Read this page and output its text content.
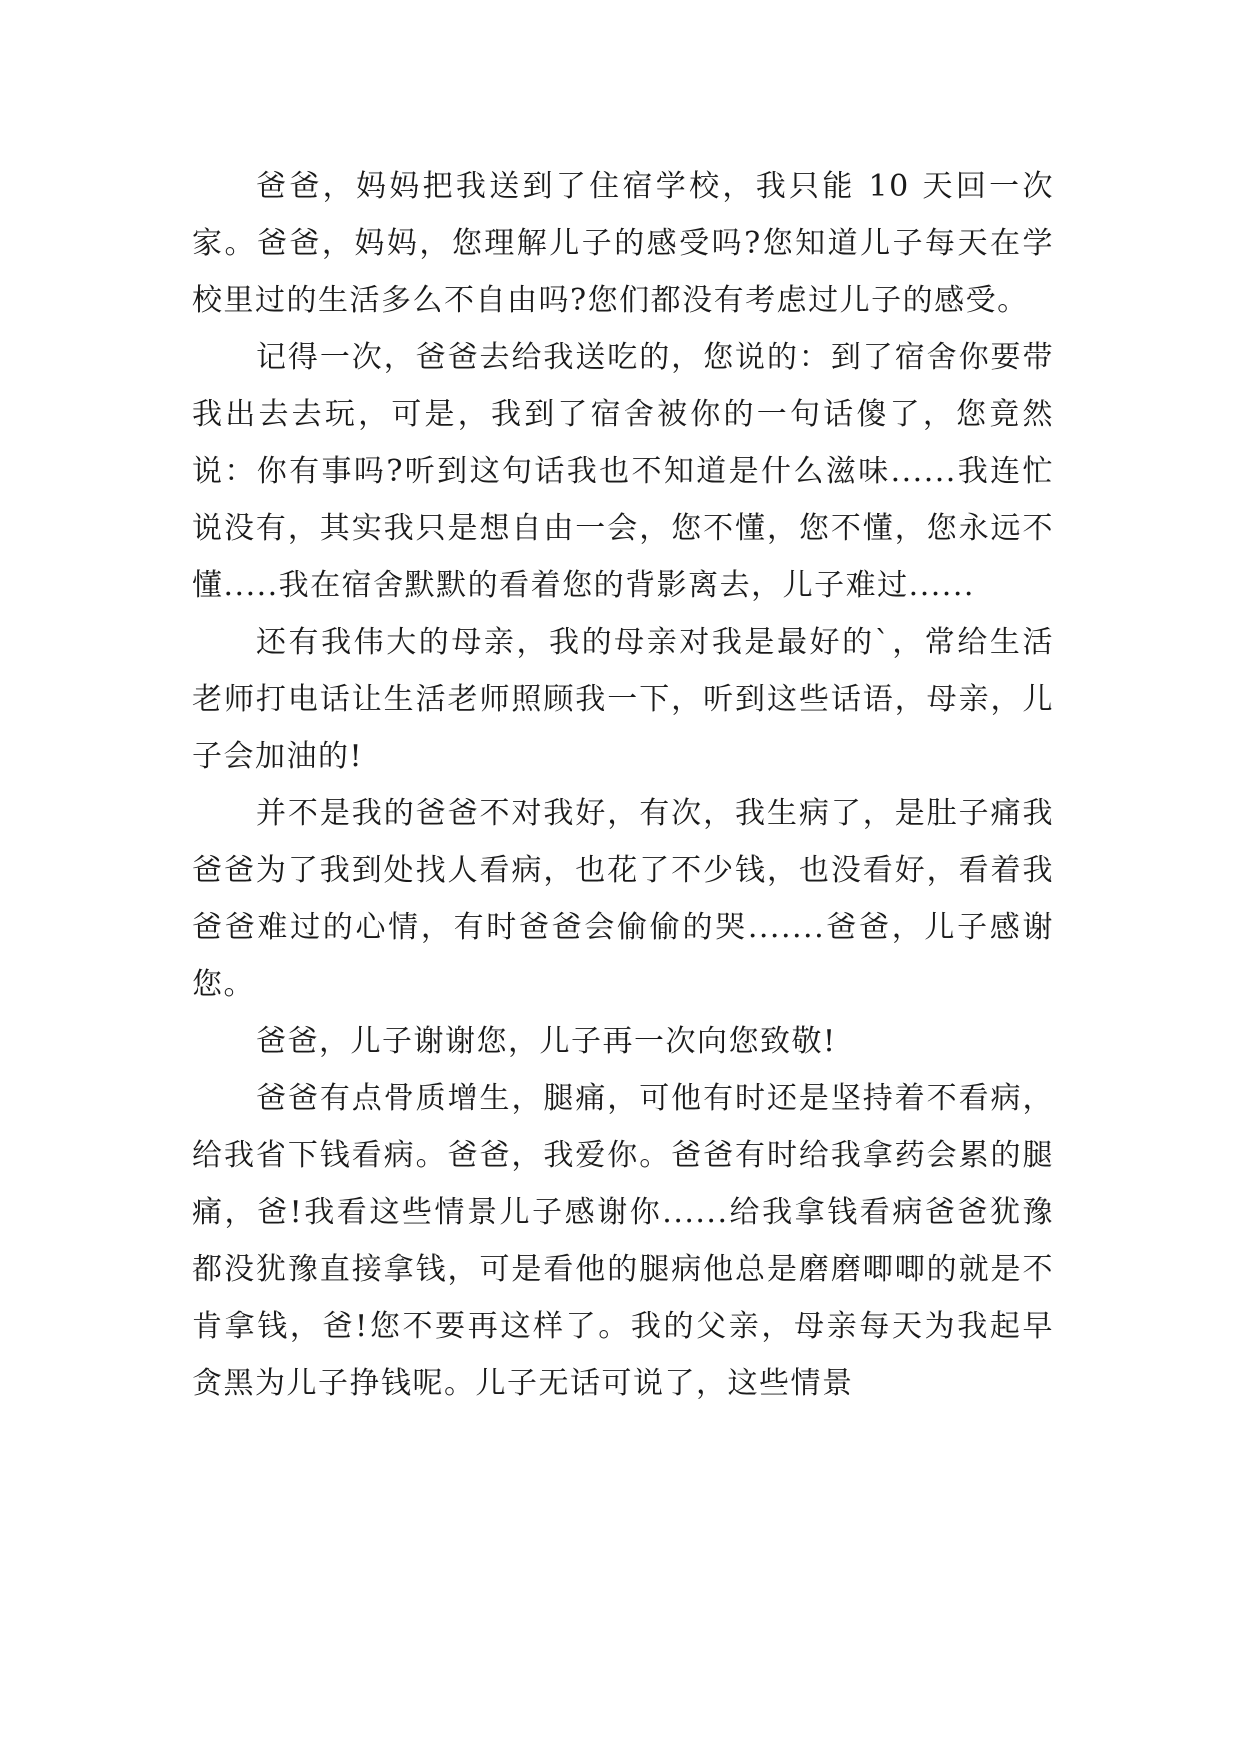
爸爸，妈妈把我送到了住宿学校，我只能 10 天回一次家。爸爸，妈妈，您理解儿子的感受吗?您知道儿子每天在学校里过的生活多么不自由吗?您们都没有考虑过儿子的感受。

记得一次，爸爸去给我送吃的，您说的：到了宿舍你要带我出去去玩，可是，我到了宿舍被你的一句话傻了，您竟然说：你有事吗?听到这句话我也不知道是什么滋味......我连忙说没有，其实我只是想自由一会，您不懂，您不懂，您永远不懂.....我在宿舍默默的看着您的背影离去，儿子难过......

还有我伟大的母亲，我的母亲对我是最好的`，常给生活老师打电话让生活老师照顾我一下，听到这些话语，母亲，儿子会加油的!

并不是我的爸爸不对我好，有次，我生病了，是肚子痛我爸爸为了我到处找人看病，也花了不少钱，也没看好，看着我爸爸难过的心情，有时爸爸会偷偷的哭.......爸爸，儿子感谢您。

爸爸，儿子谢谢您，儿子再一次向您致敬!

爸爸有点骨质增生，腿痛，可他有时还是坚持着不看病，给我省下钱看病。爸爸，我爱你。爸爸有时给我拿药会累的腿痛，爸!我看这些情景儿子感谢你......给我拿钱看病爸爸犹豫都没犹豫直接拿钱，可是看他的腿病他总是磨磨唧唧的就是不肯拿钱，爸!您不要再这样了。我的父亲，母亲每天为我起早贪黑为儿子挣钱呢。儿子无话可说了，这些情景
